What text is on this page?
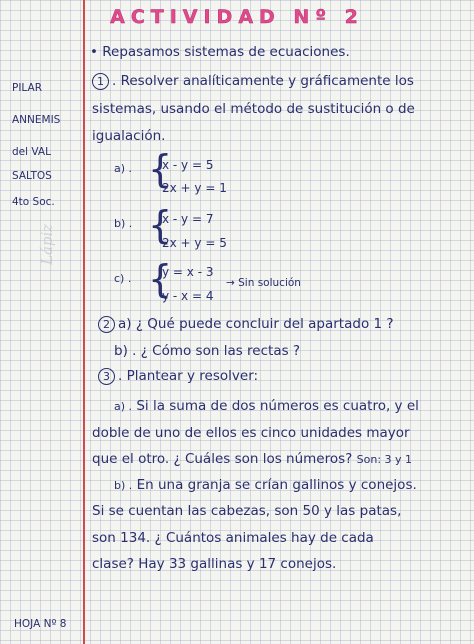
ACTIVIDAD Nº 2
PILAR
ANNEMIS
del VAL
SALTOS
4to Soc.
Lápiz
HOJA Nº 8
• Repasamos sistemas de ecuaciones.
1 . Resolver analíticamente y gráficamente los
sistemas, usando el método de sustitución o de
igualación.
a) . {
x - y = 5
2x + y = 1
b) . {
x - y = 7
2x + y = 5
c) . {
y = x - 3
y - x = 4
→ Sin solución
2 a) ¿ Qué puede concluir del apartado 1 ?
b) . ¿ Cómo son las rectas ?
3 . Plantear y resolver:
a) . Si la suma de dos números es cuatro, y el
doble de uno de ellos es cinco unidades mayor
que el otro. ¿ Cuáles son los números? Son: 3 y 1
b) . En una granja se crían gallinos y conejos.
Si se cuentan las cabezas, son 50 y las patas,
son 134. ¿ Cuántos animales hay de cada
clase? Hay 33 gallinas y 17 conejos.
